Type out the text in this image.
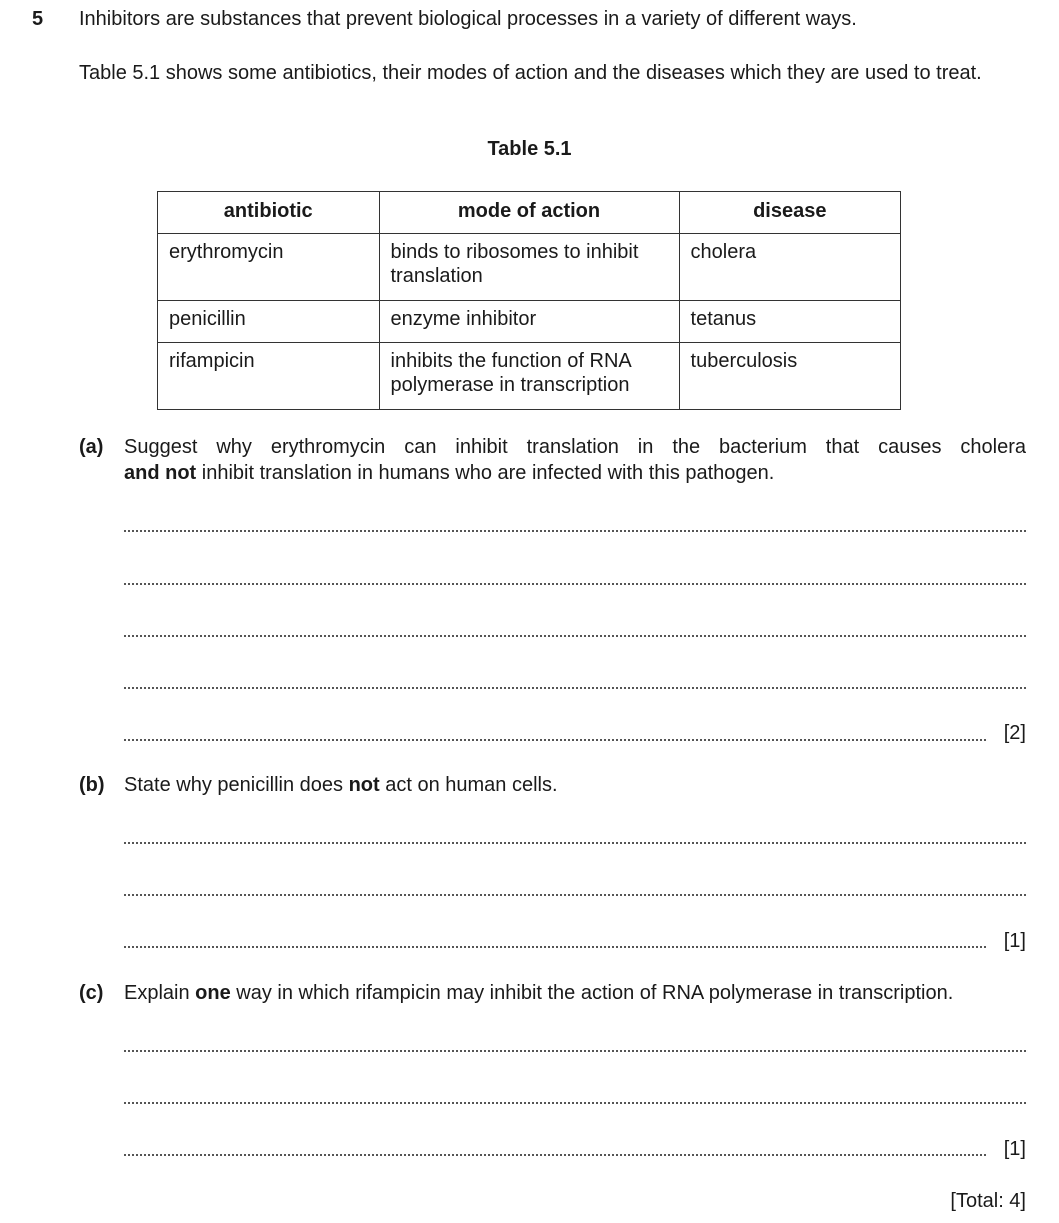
5 Inhibitors are substances that prevent biological processes in a variety of different ways.
Table 5.1 shows some antibiotics, their modes of action and the diseases which they are used to treat.
Table 5.1
antibiotic	mode of action	disease
erythromycin	binds to ribosomes to inhibit translation	cholera
penicillin	enzyme inhibitor	tetanus
rifampicin	inhibits the function of RNA polymerase in transcription	tuberculosis
(a) Suggest why erythromycin can inhibit translation in the bacterium that causes cholera
and not inhibit translation in humans who are infected with this pathogen.
[2]
(b) State why penicillin does not act on human cells.
[1]
(c) Explain one way in which rifampicin may inhibit the action of RNA polymerase in transcription.
[1]
[Total: 4]
